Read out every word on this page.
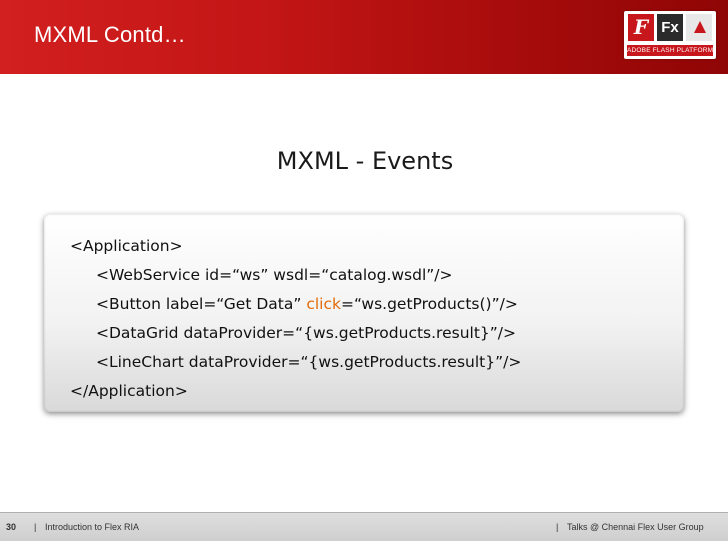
MXML Contd…	F Fx
ADOBE FLASH PLATFORM
MXML - Events
<Application>
<WebService id=“ws” wsdl=“catalog.wsdl”/>
<Button label=“Get Data” click=“ws.getProducts()”/>
<DataGrid dataProvider=“{ws.getProducts.result}”/>
<LineChart dataProvider=“{ws.getProducts.result}”/>
</Application>
30 | Introduction to Flex RIA	| Talks @ Chennai Flex User Group
